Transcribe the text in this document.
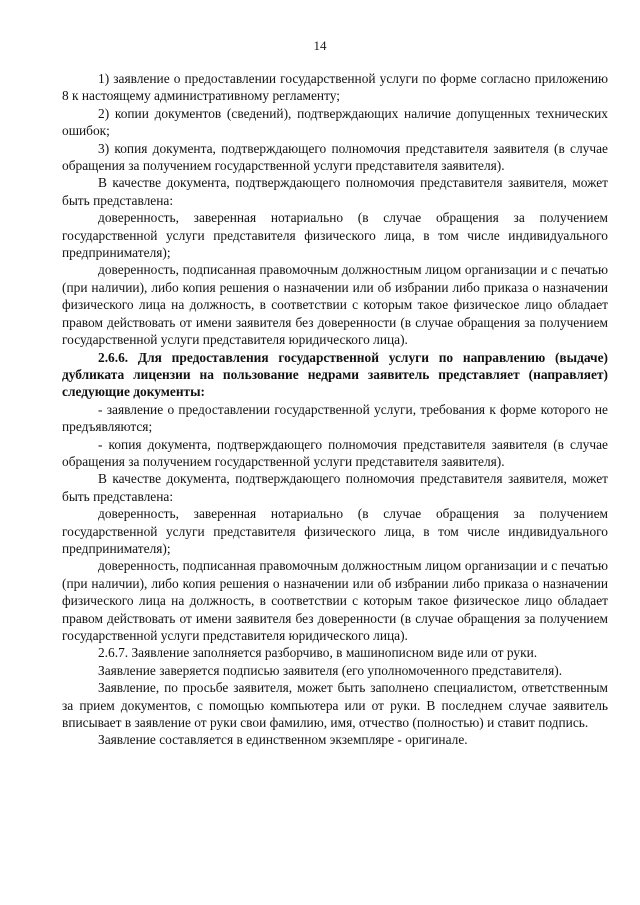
14

1) заявление о предоставлении государственной услуги по форме согласно приложению 8 к настоящему административному регламенту;

2) копии документов (сведений), подтверждающих наличие допущенных технических ошибок;

3) копия документа, подтверждающего полномочия представителя заявителя (в случае обращения за получением государственной услуги представителя заявителя).

В качестве документа, подтверждающего полномочия представителя заявителя, может быть представлена:

доверенность, заверенная нотариально (в случае обращения за получением государственной услуги представителя физического лица, в том числе индивидуального предпринимателя);

доверенность, подписанная правомочным должностным лицом организации и с печатью (при наличии), либо копия решения о назначении или об избрании либо приказа о назначении физического лица на должность, в соответствии с которым такое физическое лицо обладает правом действовать от имени заявителя без доверенности (в случае обращения за получением государственной услуги представителя юридического лица).

2.6.6. Для предоставления государственной услуги по направлению (выдаче) дубликата лицензии на пользование недрами заявитель представляет (направляет) следующие документы:

- заявление о предоставлении государственной услуги, требования к форме которого не предъявляются;

- копия документа, подтверждающего полномочия представителя заявителя (в случае обращения за получением государственной услуги представителя заявителя).

В качестве документа, подтверждающего полномочия представителя заявителя, может быть представлена:

доверенность, заверенная нотариально (в случае обращения за получением государственной услуги представителя физического лица, в том числе индивидуального предпринимателя);

доверенность, подписанная правомочным должностным лицом организации и с печатью (при наличии), либо копия решения о назначении или об избрании либо приказа о назначении физического лица на должность, в соответствии с которым такое физическое лицо обладает правом действовать от имени заявителя без доверенности (в случае обращения за получением государственной услуги представителя юридического лица).

2.6.7. Заявление заполняется разборчиво, в машинописном виде или от руки.

Заявление заверяется подписью заявителя (его уполномоченного представителя).

Заявление, по просьбе заявителя, может быть заполнено специалистом, ответственным за прием документов, с помощью компьютера или от руки. В последнем случае заявитель вписывает в заявление от руки свои фамилию, имя, отчество (полностью) и ставит подпись.

Заявление составляется в единственном экземпляре - оригинале.
